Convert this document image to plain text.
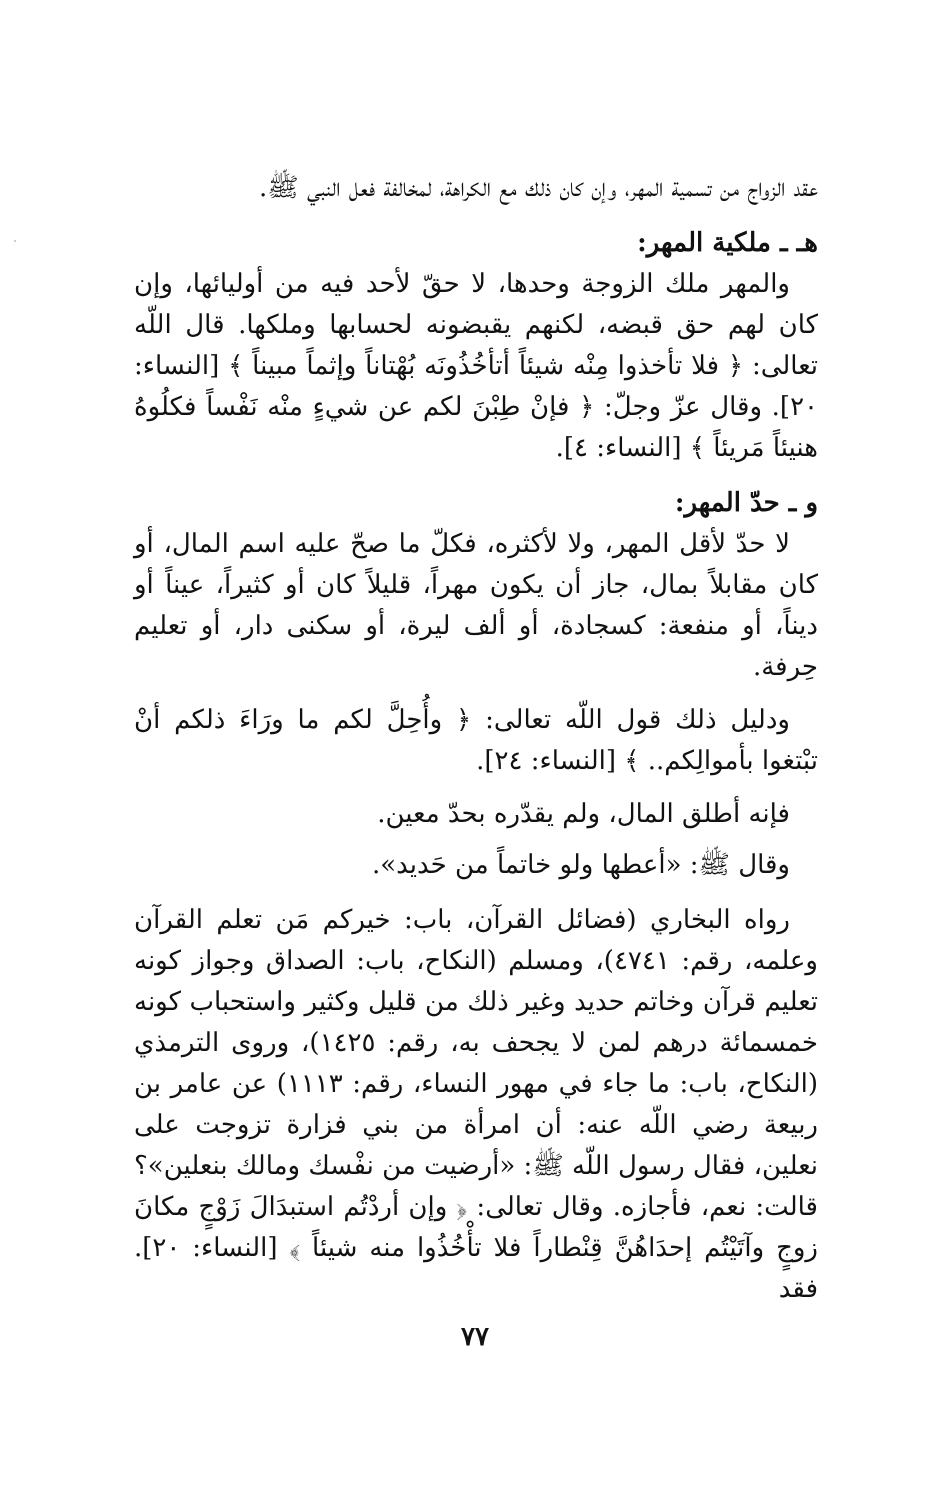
عقد الزواج من تسمية المهر، وإن كان ذلك مع الكراهة، لمخالفة فعل النبي ﷺ.

هـ ـ ملكية المهر:

والمهر ملك الزوجة وحدها، لا حقّ لأحد فيه من أوليائها، وإن كان لهم حق قبضه، لكنهم يقبضونه لحسابها وملكها. قال اللّه تعالى: ﴿ فلا تأخذوا مِنْه شيئاً أتأخُذُونَه بُهْتاناً وإثماً مبيناً ﴾ [النساء: ٢٠]. وقال عزّ وجلّ: ﴿ فإنْ طِبْنَ لكم عن شيءٍ منْه نَفْساً فكلُوهُ هنيئاً مَريئاً ﴾ [النساء: ٤].

و ـ حدّ المهر:

لا حدّ لأقل المهر، ولا لأكثره، فكلّ ما صحّ عليه اسم المال، أو كان مقابلاً بمال، جاز أن يكون مهراً، قليلاً كان أو كثيراً، عيناً أو ديناً، أو منفعة: كسجادة، أو ألف ليرة، أو سكنى دار، أو تعليم حِرفة.

ودليل ذلك قول اللّه تعالى: ﴿ وأُحِلَّ لكم ما ورَاءَ ذلكم أنْ تبْتغوا بأموالِكم.. ﴾ [النساء: ٢٤].

فإنه أطلق المال، ولم يقدّره بحدّ معين.

وقال ﷺ: «أعطها ولو خاتماً من حَديد».

رواه البخاري (فضائل القرآن، باب: خيركم مَن تعلم القرآن وعلمه، رقم: ٤٧٤١)، ومسلم (النكاح، باب: الصداق وجواز كونه تعليم قرآن وخاتم حديد وغير ذلك من قليل وكثير واستحباب كونه خمسمائة درهم لمن لا يجحف به، رقم: ١٤٢٥)، وروى الترمذي (النكاح، باب: ما جاء في مهور النساء، رقم: ١١١٣) عن عامر بن ربيعة رضي اللّه عنه: أن امرأة من بني فزارة تزوجت على نعلين، فقال رسول اللّه ﷺ: «أرضيت من نفْسك ومالك بنعلين»؟ قالت: نعم، فأجازه. وقال تعالى: ﴿ وإن أردْتُم استبدَالَ زَوْجٍ مكانَ زوجٍ وآتَيْتُم إحدَاهُنَّ قِنْطاراً فلا تأْخُذُوا منه شيئاً ﴾ [النساء: ٢٠]. فقد

٧٧
